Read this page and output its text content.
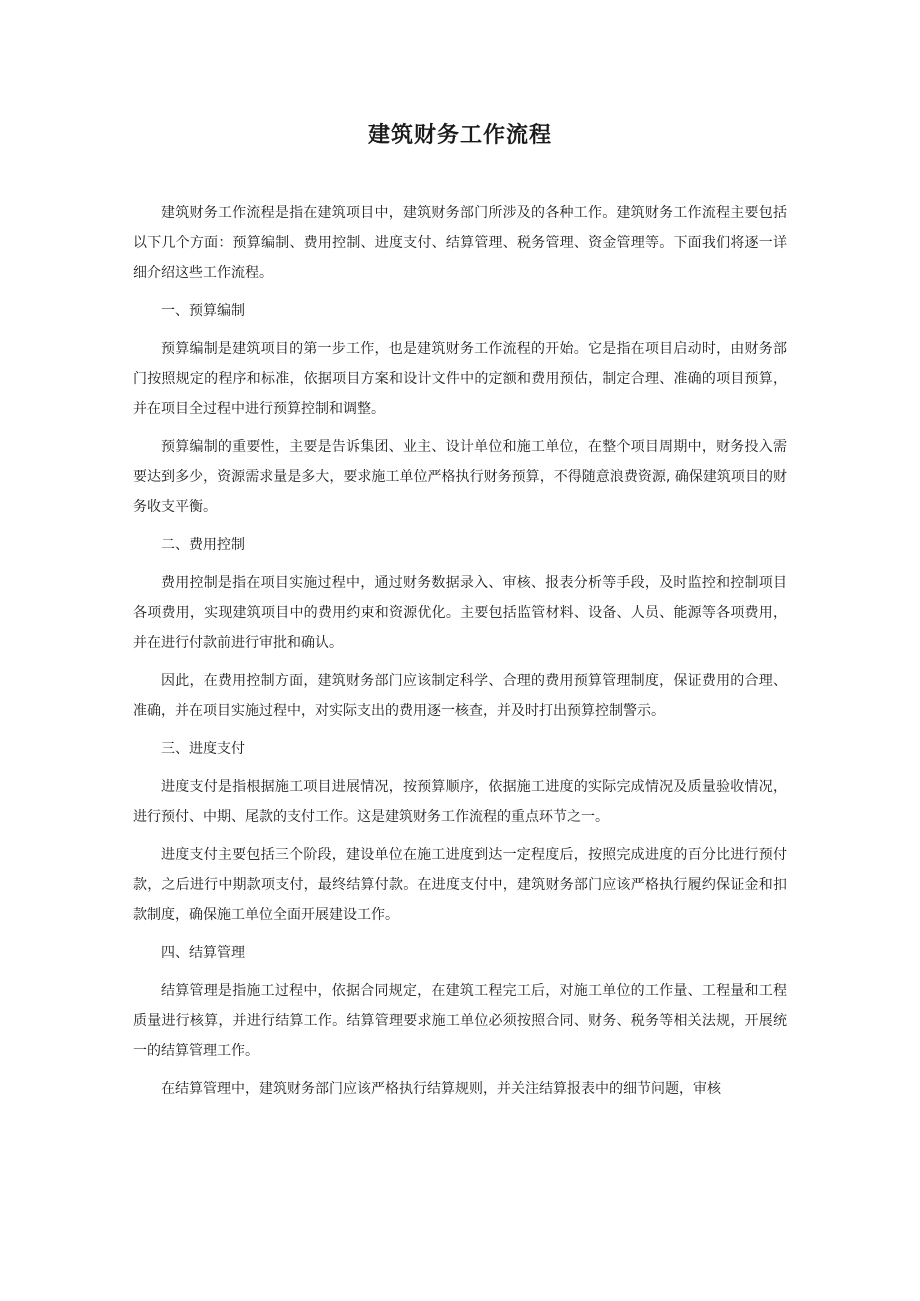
建筑财务工作流程

建筑财务工作流程是指在建筑项目中，建筑财务部门所涉及的各种工作。建筑财务工作流程主要包括以下几个方面：预算编制、费用控制、进度支付、结算管理、税务管理、资金管理等。下面我们将逐一详细介绍这些工作流程。

一、预算编制

预算编制是建筑项目的第一步工作，也是建筑财务工作流程的开始。它是指在项目启动时，由财务部门按照规定的程序和标准，依据项目方案和设计文件中的定额和费用预估，制定合理、准确的项目预算，并在项目全过程中进行预算控制和调整。

预算编制的重要性，主要是告诉集团、业主、设计单位和施工单位，在整个项目周期中，财务投入需要达到多少，资源需求量是多大，要求施工单位严格执行财务预算，不得随意浪费资源, 确保建筑项目的财务收支平衡。

二、费用控制

费用控制是指在项目实施过程中，通过财务数据录入、审核、报表分析等手段，及时监控和控制项目各项费用，实现建筑项目中的费用约束和资源优化。主要包括监管材料、设备、人员、能源等各项费用，并在进行付款前进行审批和确认。

因此，在费用控制方面，建筑财务部门应该制定科学、合理的费用预算管理制度，保证费用的合理、准确，并在项目实施过程中，对实际支出的费用逐一核查，并及时打出预算控制警示。

三、进度支付

进度支付是指根据施工项目进展情况，按预算顺序，依据施工进度的实际完成情况及质量验收情况，进行预付、中期、尾款的支付工作。这是建筑财务工作流程的重点环节之一。

进度支付主要包括三个阶段，建设单位在施工进度到达一定程度后，按照完成进度的百分比进行预付款，之后进行中期款项支付，最终结算付款。在进度支付中，建筑财务部门应该严格执行履约保证金和扣款制度，确保施工单位全面开展建设工作。

四、结算管理

结算管理是指施工过程中，依据合同规定，在建筑工程完工后，对施工单位的工作量、工程量和工程质量进行核算，并进行结算工作。结算管理要求施工单位必须按照合同、财务、税务等相关法规，开展统一的结算管理工作。

在结算管理中，建筑财务部门应该严格执行结算规则，并关注结算报表中的细节问题，审核
